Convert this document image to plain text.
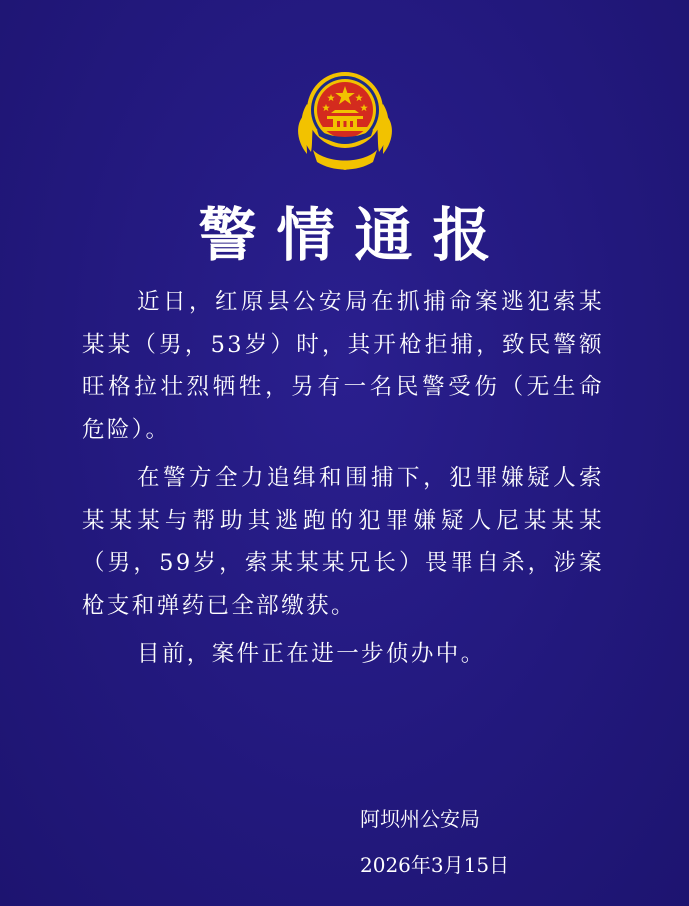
警情通报

近日，红原县公安局在抓捕命案逃犯索某某某（男，53岁）时，其开枪拒捕，致民警额旺格拉壮烈牺牲，另有一名民警受伤（无生命危险）。

在警方全力追缉和围捕下，犯罪嫌疑人索某某某与帮助其逃跑的犯罪嫌疑人尼某某某（男，59岁，索某某某兄长）畏罪自杀，涉案枪支和弹药已全部缴获。

目前，案件正在进一步侦办中。

阿坝州公安局
2026年3月15日
